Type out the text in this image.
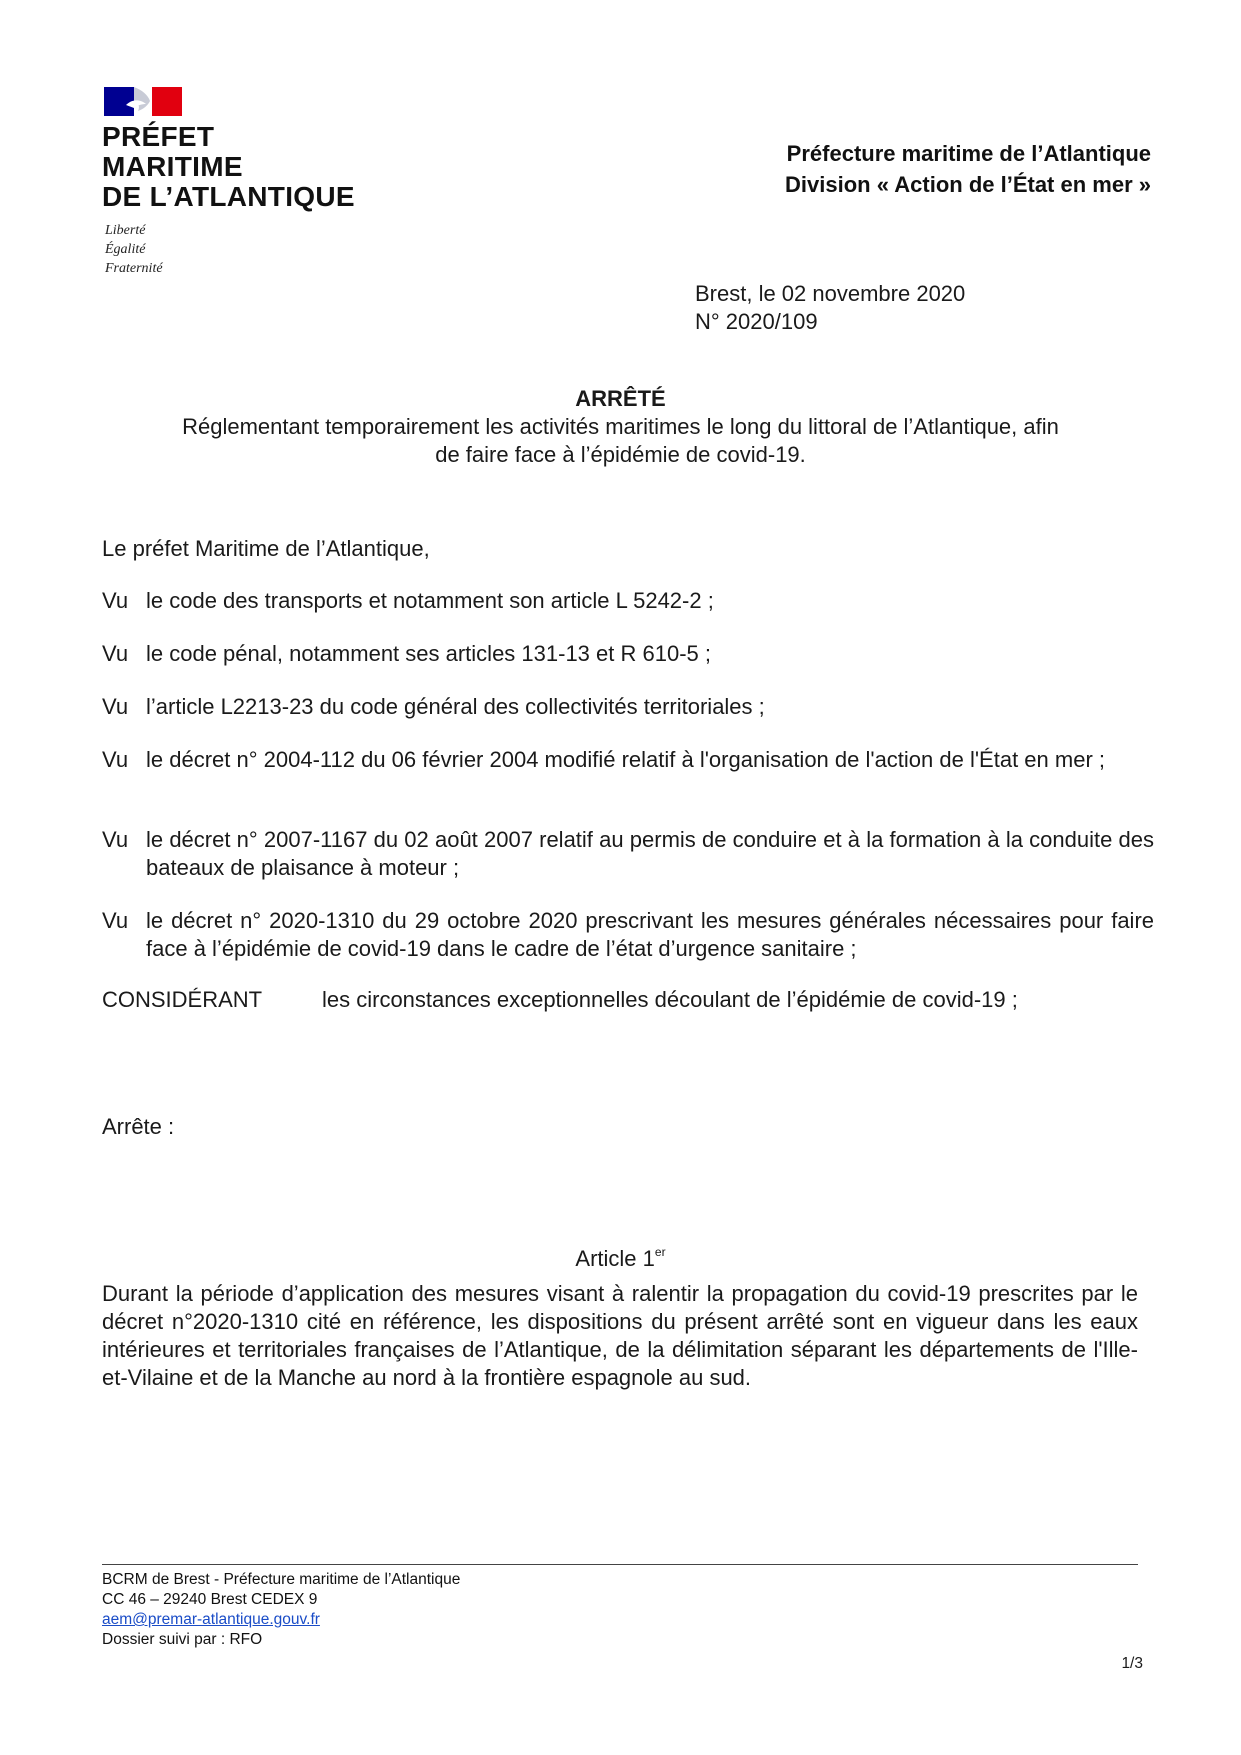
PRÉFET
MARITIME
DE L’ATLANTIQUE
Liberté
Égalité
Fraternité
Préfecture maritime de l’Atlantique
Division « Action de l’État en mer »
Brest, le 02 novembre 2020
N° 2020/109
ARRÊTÉ
Réglementant temporairement les activités maritimes le long du littoral de l’Atlantique, afin
de faire face à l’épidémie de covid-19.
Le préfet Maritime de l’Atlantique,
Vu le code des transports et notamment son article L 5242-2 ;
Vu le code pénal, notamment ses articles 131-13 et R 610-5 ;
Vu l’article L2213-23 du code général des collectivités territoriales ;
Vu le décret n° 2004-112 du 06 février 2004 modifié relatif à l'organisation de l'action de l'État en mer ;
Vu le décret n° 2007-1167 du 02 août 2007 relatif au permis de conduire et à la formation à la conduite des bateaux de plaisance à moteur ;
Vu le décret n° 2020-1310 du 29 octobre 2020 prescrivant les mesures générales nécessaires pour faire face à l’épidémie de covid-19 dans le cadre de l’état d’urgence sanitaire ;
CONSIDÉRANT	les circonstances exceptionnelles découlant de l’épidémie de covid-19 ;
Arrête :
Article 1er
Durant la période d’application des mesures visant à ralentir la propagation du covid-19 prescrites par le décret n°2020-1310 cité en référence, les dispositions du présent arrêté sont en vigueur dans les eaux intérieures et territoriales françaises de l’Atlantique, de la délimitation séparant les départements de l'Ille-et-Vilaine et de la Manche au nord à la frontière espagnole au sud.
BCRM de Brest - Préfecture maritime de l’Atlantique
CC 46 – 29240 Brest CEDEX 9
aem@premar-atlantique.gouv.fr
Dossier suivi par : RFO
1/3
